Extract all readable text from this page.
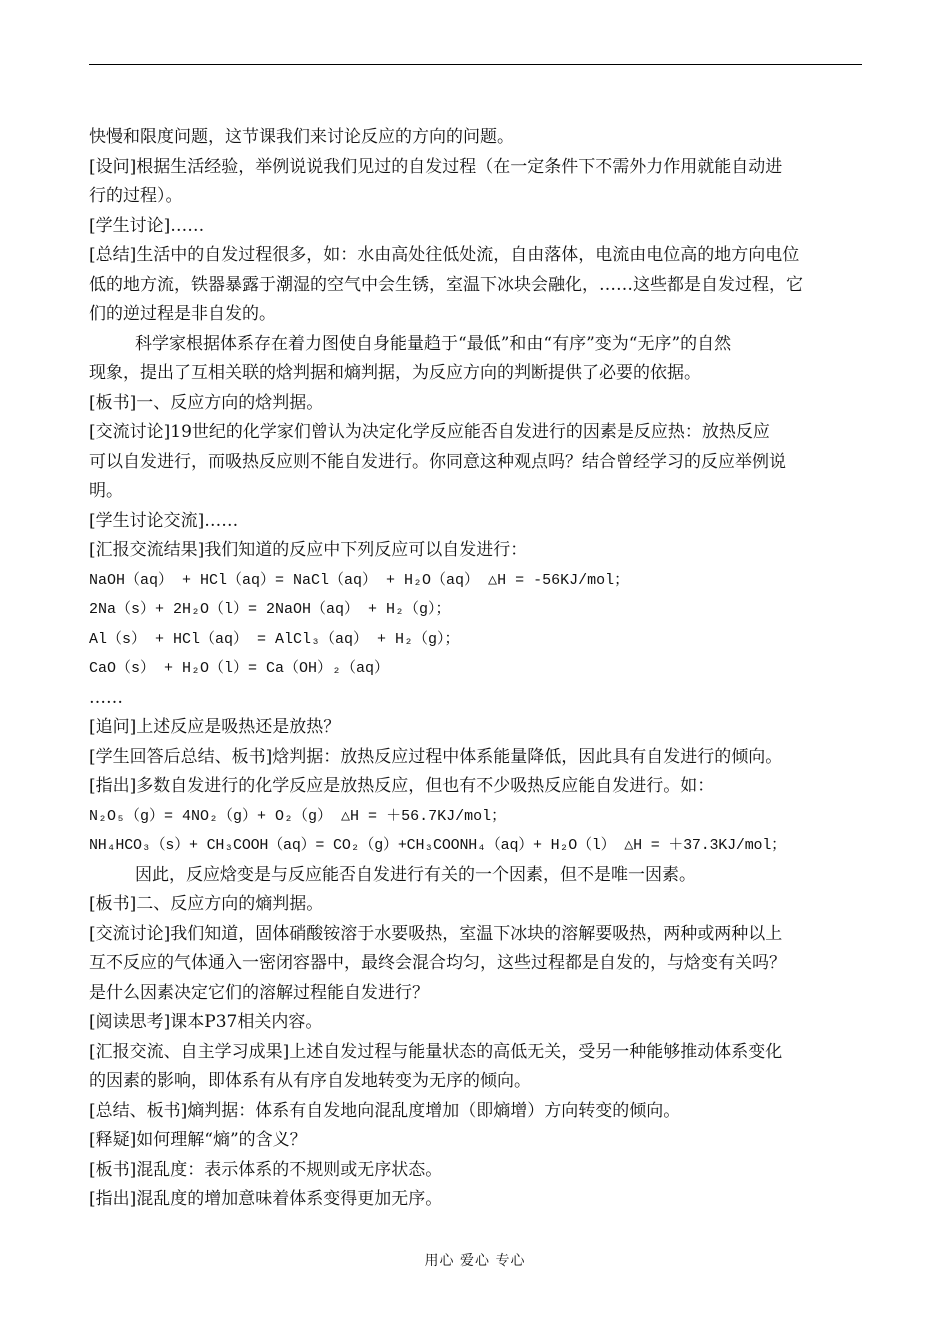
快慢和限度问题，这节课我们来讨论反应的方向的问题。

[设问]根据生活经验，举例说说我们见过的自发过程（在一定条件下不需外力作用就能自动进

行的过程）。

[学生讨论]……

[总结]生活中的自发过程很多，如：水由高处往低处流，自由落体，电流由电位高的地方向电位

低的地方流，铁器暴露于潮湿的空气中会生锈，室温下冰块会融化，……这些都是自发过程，它

们的逆过程是非自发的。

科学家根据体系存在着力图使自身能量趋于“最低”和由“有序”变为“无序”的自然

现象，提出了互相关联的焓判据和熵判据，为反应方向的判断提供了必要的依据。

[板书]一、反应方向的焓判据。

[交流讨论]19世纪的化学家们曾认为决定化学反应能否自发进行的因素是反应热：放热反应

可以自发进行，而吸热反应则不能自发进行。你同意这种观点吗？结合曾经学习的反应举例说

明。

[学生讨论交流]……

[汇报交流结果]我们知道的反应中下列反应可以自发进行：

NaOH（aq） + HCl（aq）= NaCl（aq） + H₂O（aq） △H = -56KJ/mol；

2Na（s）+ 2H₂O（l）= 2NaOH（aq） + H₂（g）；

Al（s） + HCl（aq） = AlCl₃（aq） + H₂（g）；

CaO（s） + H₂O（l）= Ca（OH）₂（aq）

……

[追问]上述反应是吸热还是放热？

[学生回答后总结、板书]焓判据：放热反应过程中体系能量降低，因此具有自发进行的倾向。

[指出]多数自发进行的化学反应是放热反应，但也有不少吸热反应能自发进行。如：

N₂O₅（g）= 4NO₂（g）+ O₂（g） △H = ＋56.7KJ/mol；

NH₄HCO₃（s）+ CH₃COOH（aq）= CO₂（g）+CH₃COONH₄（aq）+ H₂O（l） △H = ＋37.3KJ/mol；

因此，反应焓变是与反应能否自发进行有关的一个因素，但不是唯一因素。

[板书]二、反应方向的熵判据。

[交流讨论]我们知道，固体硝酸铵溶于水要吸热，室温下冰块的溶解要吸热，两种或两种以上

互不反应的气体通入一密闭容器中，最终会混合均匀，这些过程都是自发的，与焓变有关吗？

是什么因素决定它们的溶解过程能自发进行？

[阅读思考]课本P37相关内容。

[汇报交流、自主学习成果]上述自发过程与能量状态的高低无关，受另一种能够推动体系变化

的因素的影响，即体系有从有序自发地转变为无序的倾向。

[总结、板书]熵判据：体系有自发地向混乱度增加（即熵增）方向转变的倾向。

[释疑]如何理解“熵”的含义？

[板书]混乱度：表示体系的不规则或无序状态。

[指出]混乱度的增加意味着体系变得更加无序。

用心 爱心 专心
